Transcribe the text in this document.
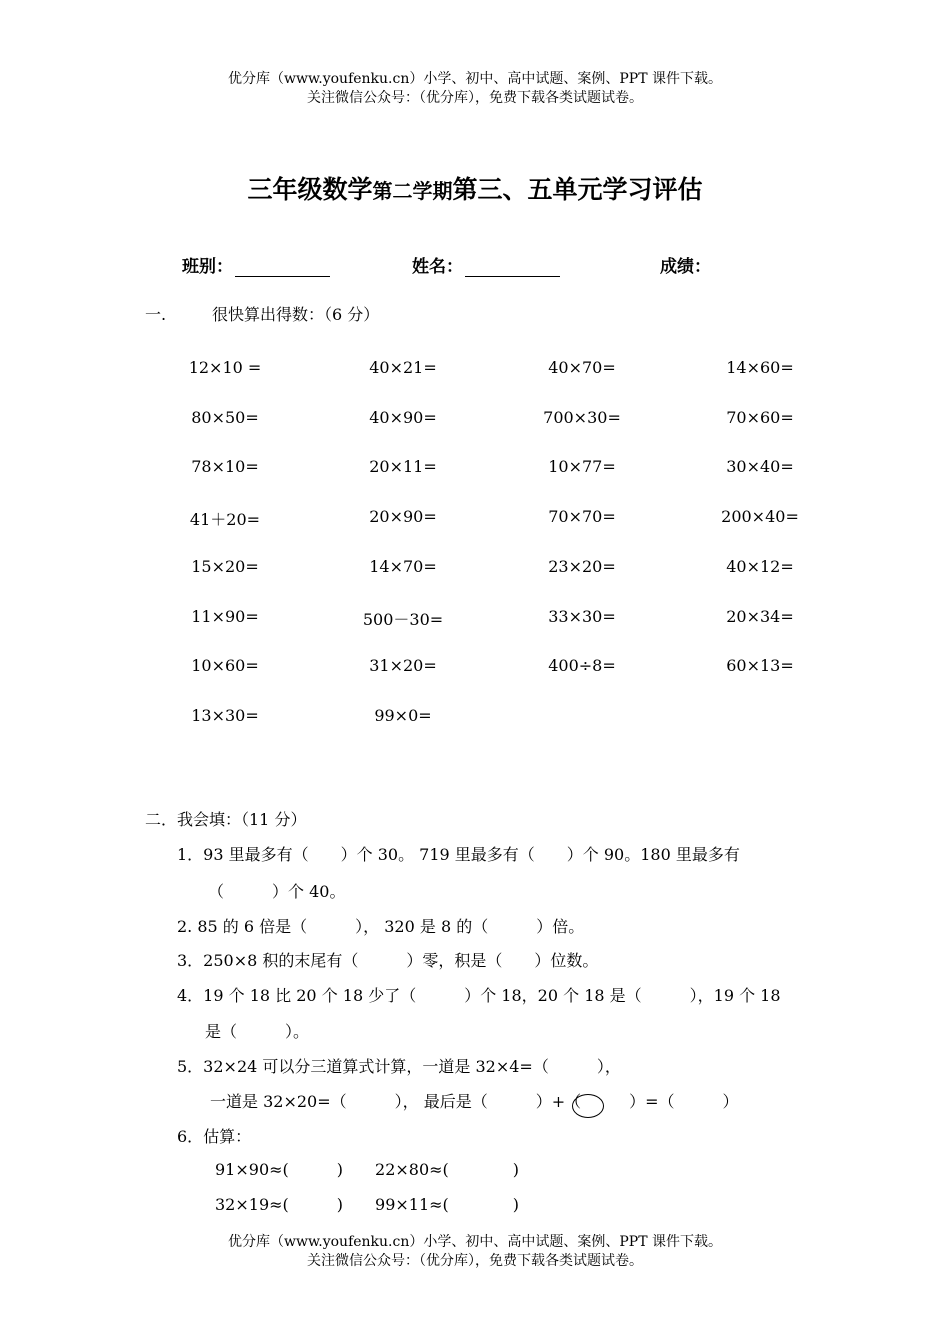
优分库（www.youfenku.cn）小学、初中、高中试题、案例、PPT 课件下载。
关注微信公众号：（优分库），免费下载各类试题试卷。
三年级数学第二学期第三、五单元学习评估
班别：	姓名：	成绩：
一.	很快算出得数：（6 分）
12×10 =	40×21=	40×70=	14×60=
80×50=	40×90=	700×30=	70×60=
78×10=	20×11=	10×77=	30×40=
41＋20=	20×90=	70×70=	200×40=
15×20=	14×70=	23×20=	40×12=
11×90=	500－30=	33×30=	20×34=
10×60=	31×20=	400÷8=	60×13=
13×30=	99×0=
二．我会填：（11 分）
1．93 里最多有（　　）个 30。 719 里最多有（　　）个 90。180 里最多有
（　　　）个 40。
2. 85 的 6 倍是（　　　）， 320 是 8 的（　　　）倍。
3．250×8 积的末尾有（　　　）零，积是（　　）位数。
4．19 个 18 比 20 个 18 少了（　　　）个 18，20 个 18 是（　　　），19 个 18
是（　　　）。
5．32×24 可以分三道算式计算，一道是 32×4=（　　　），
一道是 32×20=（　　　）， 最后是（　　　）+（　　　）=（　　　）
6．估算：
91×90≈(　　　)　　22×80≈(　　　　)
32×19≈(　　　)　　99×11≈(　　　　)
优分库（www.youfenku.cn）小学、初中、高中试题、案例、PPT 课件下载。
关注微信公众号：（优分库），免费下载各类试题试卷。
